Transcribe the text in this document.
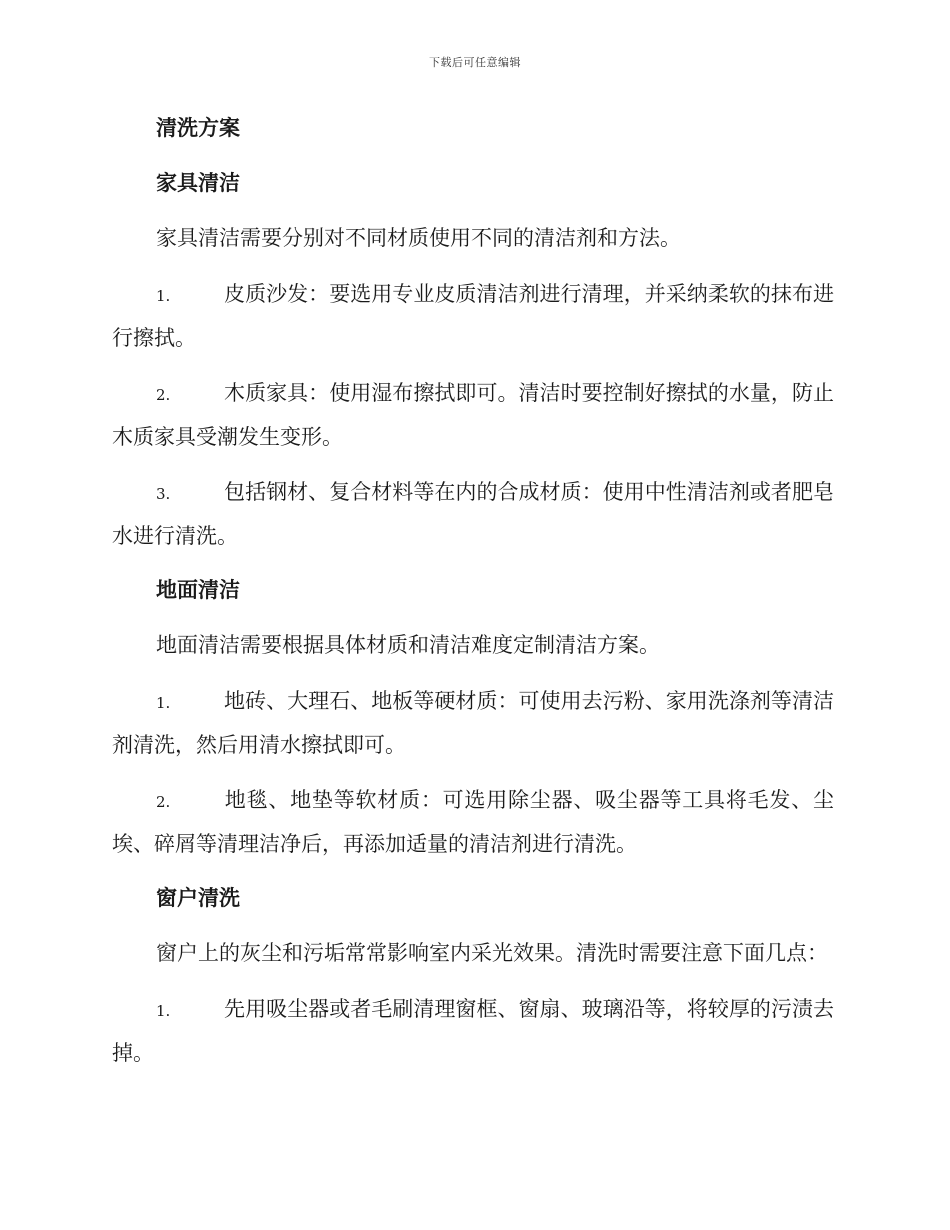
下载后可任意编辑
清洗方案
家具清洁
家具清洁需要分别对不同材质使用不同的清洁剂和方法。
1.	皮质沙发：要选用专业皮质清洁剂进行清理，并采纳柔软的抹布进行擦拭。
2.	木质家具：使用湿布擦拭即可。清洁时要控制好擦拭的水量，防止木质家具受潮发生变形。
3.	包括钢材、复合材料等在内的合成材质：使用中性清洁剂或者肥皂水进行清洗。
地面清洁
地面清洁需要根据具体材质和清洁难度定制清洁方案。
1.	地砖、大理石、地板等硬材质：可使用去污粉、家用洗涤剂等清洁剂清洗，然后用清水擦拭即可。
2.	地毯、地垫等软材质：可选用除尘器、吸尘器等工具将毛发、尘埃、碎屑等清理洁净后，再添加适量的清洁剂进行清洗。
窗户清洗
窗户上的灰尘和污垢常常影响室内采光效果。清洗时需要注意下面几点：
1.	先用吸尘器或者毛刷清理窗框、窗扇、玻璃沿等，将较厚的污渍去掉。
